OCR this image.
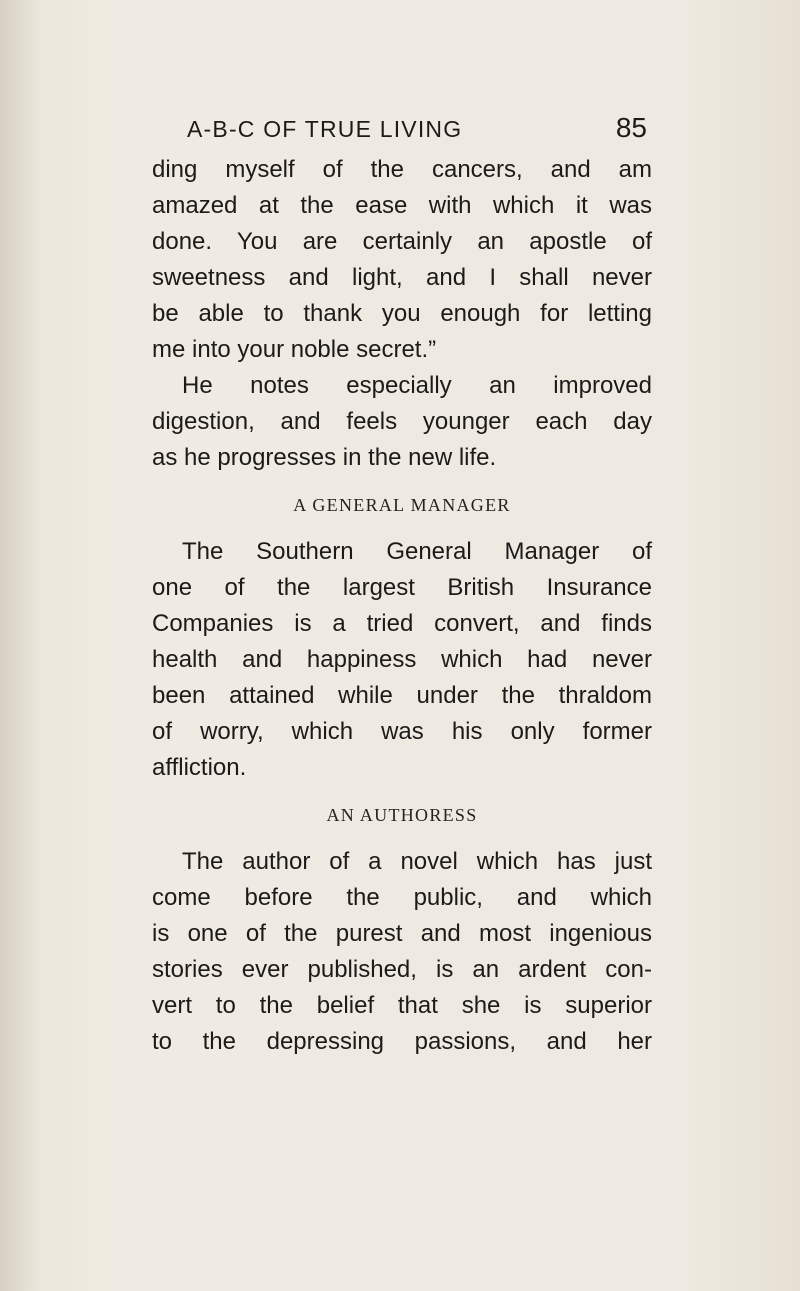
A-B-C OF TRUE LIVING	85
ding myself of the cancers, and am
amazed at the ease with which it was
done. You are certainly an apostle of
sweetness and light, and I shall never
be able to thank you enough for letting
me into your noble secret.”
He notes especially an improved
digestion, and feels younger each day
as he progresses in the new life.
A GENERAL MANAGER
The Southern General Manager of
one of the largest British Insurance
Companies is a tried convert, and finds
health and happiness which had never
been attained while under the thraldom
of worry, which was his only former
affliction.
AN AUTHORESS
The author of a novel which has just
come before the public, and which
is one of the purest and most ingenious
stories ever published, is an ardent con-
vert to the belief that she is superior
to the depressing passions, and her
